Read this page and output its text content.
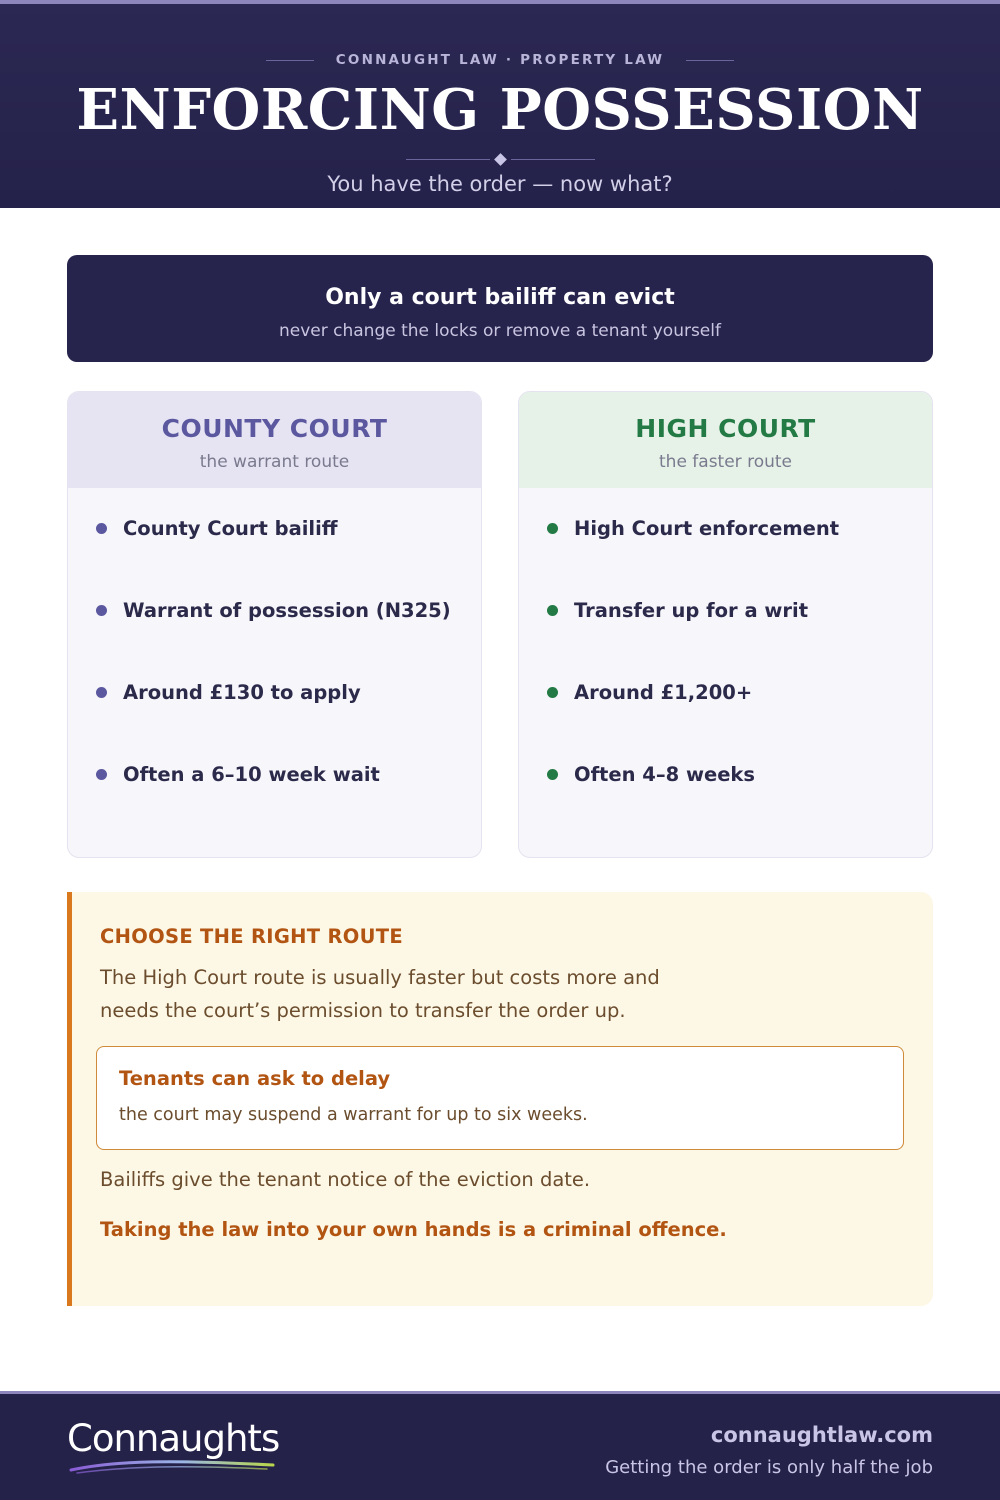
CONNAUGHT LAW · PROPERTY LAW
ENFORCING POSSESSION

You have the order — now what?

Only a court bailiff can evict
never change the locks or remove a tenant yourself
COUNTY COURT
the warrant route
County Court bailiff
Warrant of possession (N325)
Around £130 to apply
Often a 6–10 week wait
HIGH COURT
the faster route
High Court enforcement
Transfer up for a writ
Around £1,200+
Often 4–8 weeks
CHOOSE THE RIGHT ROUTE

The High Court route is usually faster but costs more and needs the court’s permission to transfer the order up.

Tenants can ask to delay
the court may suspend a warrant for up to six weeks.

Bailiffs give the tenant notice of the eviction date.

Taking the law into your own hands is a criminal offence.

Connaughts	connaughtlaw.com
Getting the order is only half the job
